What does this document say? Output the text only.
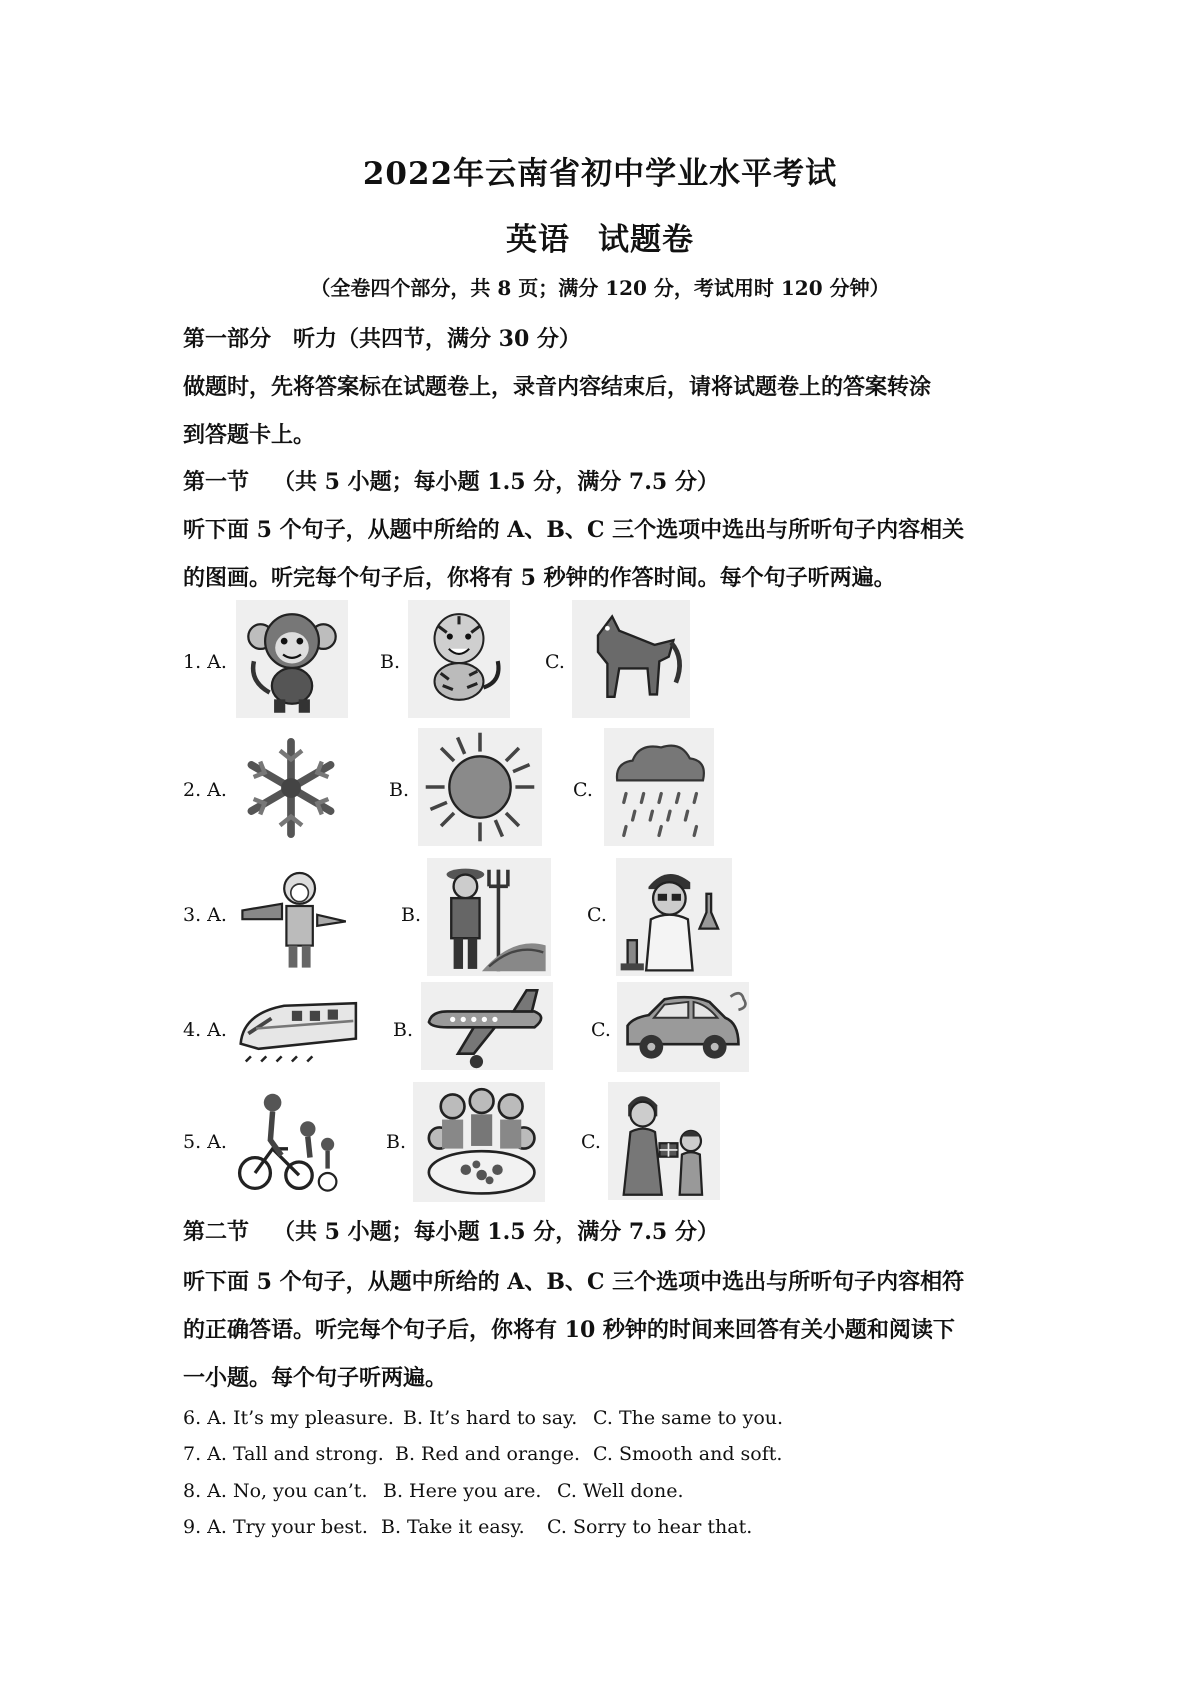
2022年云南省初中学业水平考试
英语 试题卷
（全卷四个部分，共 8 页；满分 120 分，考试用时 120 分钟）
第一部分　听力（共四节，满分 30 分）
做题时，先将答案标在试题卷上，录音内容结束后，请将试题卷上的答案转涂
到答题卡上。
第一节 （共 5 小题；每小题 1.5 分，满分 7.5 分）
听下面 5 个句子，从题中所给的 A、B、C 三个选项中选出与所听句子内容相关
的图画。听完每个句子后，你将有 5 秒钟的作答时间。每个句子听两遍。
1. A.	B.	C.
2. A.	B.	C.
3. A.	B.	C.
4. A.	B.	C.
5. A.	B.	C.
第二节 （共 5 小题；每小题 1.5 分，满分 7.5 分）
听下面 5 个句子，从题中所给的 A、B、C 三个选项中选出与所听句子内容相符
的正确答语。听完每个句子后，你将有 10 秒钟的时间来回答有关小题和阅读下
一小题。每个句子听两遍。
6. A. It’s my pleasure. B. It’s hard to say. C. The same to you.
7. A. Tall and strong. B. Red and orange. C. Smooth and soft.
8. A. No, you can’t. B. Here you are. C. Well done.
9. A. Try your best. B. Take it easy. C. Sorry to hear that.
